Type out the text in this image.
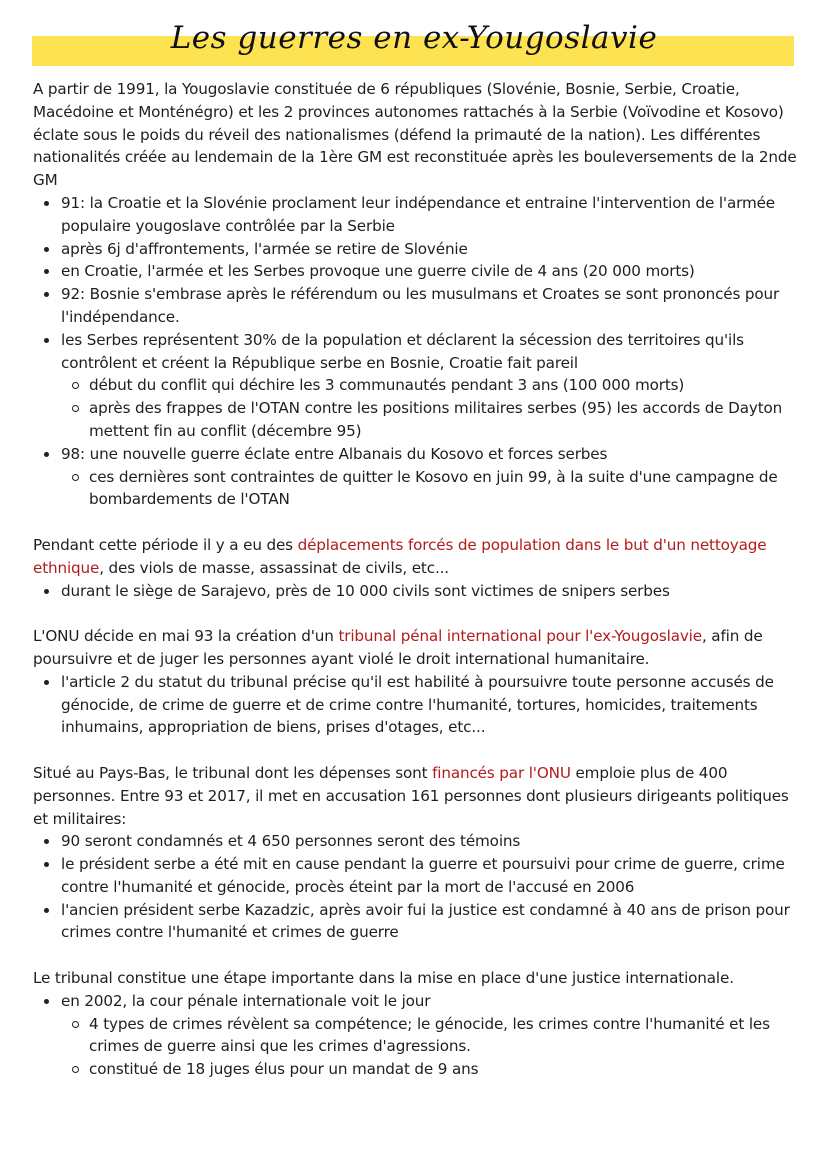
Les guerres en ex-Yougoslavie

A partir de 1991, la Yougoslavie constituée de 6 républiques (Slovénie, Bosnie, Serbie, Croatie, Macédoine et Monténégro) et les 2 provinces autonomes rattachés à la Serbie (Voïvodine et Kosovo) éclate sous le poids du réveil des nationalismes (défend la primauté de la nation). Les différentes nationalités créée au lendemain de la 1ère GM est reconstituée après les bouleversements de la 2nde GM

91: la Croatie et la Slovénie proclament leur indépendance et entraine l'intervention de l'armée populaire yougoslave contrôlée par la Serbie
après 6j d'affrontements, l'armée se retire de Slovénie
en Croatie, l'armée et les Serbes provoque une guerre civile de 4 ans (20 000 morts)
92: Bosnie s'embrase après le référendum ou les musulmans et Croates se sont prononcés pour l'indépendance.
les Serbes représentent 30% de la population et déclarent la sécession des territoires qu'ils contrôlent et créent la République serbe en Bosnie, Croatie fait pareil
début du conflit qui déchire les 3 communautés pendant 3 ans (100 000 morts)
après des frappes de l'OTAN contre les positions militaires serbes (95) les accords de Dayton mettent fin au conflit (décembre 95)
98: une nouvelle guerre éclate entre Albanais du Kosovo et forces serbes
ces dernières sont contraintes de quitter le Kosovo en juin 99, à la suite d'une campagne de bombardements de l'OTAN

Pendant cette période il y a eu des déplacements forcés de population dans le but d'un nettoyage ethnique, des viols de masse, assassinat de civils, etc...

durant le siège de Sarajevo, près de 10 000 civils sont victimes de snipers serbes

L'ONU décide en mai 93 la création d'un tribunal pénal international pour l'ex-Yougoslavie, afin de poursuivre et de juger les personnes ayant violé le droit international humanitaire.

l'article 2 du statut du tribunal précise qu'il est habilité à poursuivre toute personne accusés de génocide, de crime de guerre et de crime contre l'humanité, tortures, homicides, traitements inhumains, appropriation de biens, prises d'otages, etc...

Situé au Pays-Bas, le tribunal dont les dépenses sont financés par l'ONU emploie plus de 400 personnes. Entre 93 et 2017, il met en accusation 161 personnes dont plusieurs dirigeants politiques et militaires:

90 seront condamnés et 4 650 personnes seront des témoins
le président serbe a été mit en cause pendant la guerre et poursuivi pour crime de guerre, crime contre l'humanité et génocide, procès éteint par la mort de l'accusé en 2006
l'ancien président serbe Kazadzic, après avoir fui la justice est condamné à 40 ans de prison pour crimes contre l'humanité et crimes de guerre

Le tribunal constitue une étape importante dans la mise en place d'une justice internationale.

en 2002, la cour pénale internationale voit le jour
4 types de crimes révèlent sa compétence; le génocide, les crimes contre l'humanité et les crimes de guerre ainsi que les crimes d'agressions.
constitué de 18 juges élus pour un mandat de 9 ans
